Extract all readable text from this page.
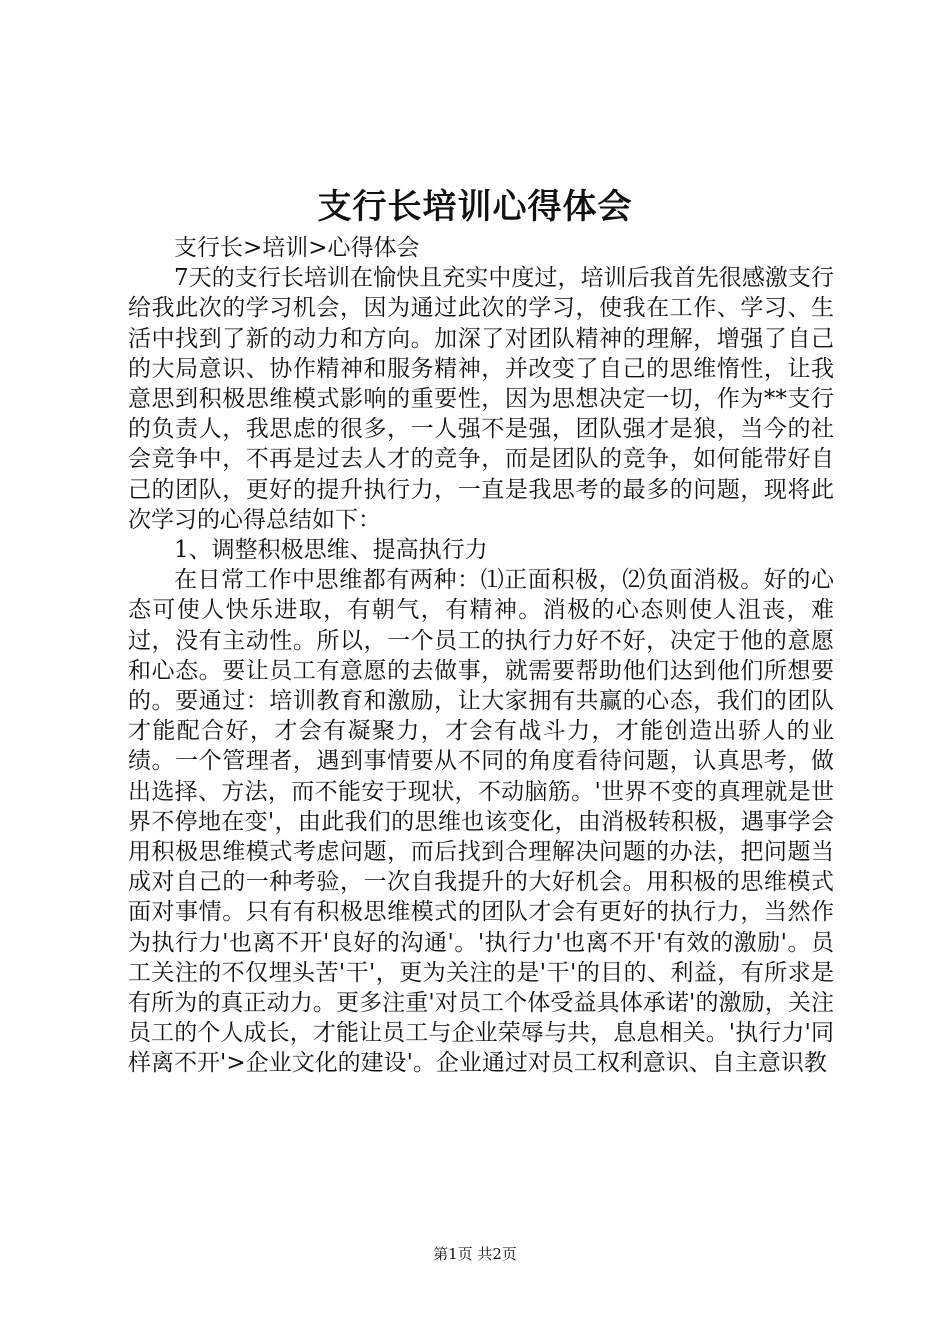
支行长培训心得体会

支行长>培训>心得体会

7天的支行长培训在愉快且充实中度过，培训后我首先很感激支行给我此次的学习机会，因为通过此次的学习，使我在工作、学习、生活中找到了新的动力和方向。加深了对团队精神的理解，增强了自己的大局意识、协作精神和服务精神，并改变了自己的思维惰性，让我意思到积极思维模式影响的重要性，因为思想决定一切，作为**支行的负责人，我思虑的很多，一人强不是强，团队强才是狼，当今的社会竞争中，不再是过去人才的竞争，而是团队的竞争，如何能带好自己的团队，更好的提升执行力，一直是我思考的最多的问题，现将此次学习的心得总结如下：

1、调整积极思维、提高执行力

在日常工作中思维都有两种：⑴正面积极，⑵负面消极。好的心态可使人快乐进取，有朝气，有精神。消极的心态则使人沮丧，难过，没有主动性。所以，一个员工的执行力好不好，决定于他的意愿和心态。要让员工有意愿的去做事，就需要帮助他们达到他们所想要的。要通过：培训教育和激励，让大家拥有共赢的心态，我们的团队才能配合好，才会有凝聚力，才会有战斗力，才能创造出骄人的业绩。一个管理者，遇到事情要从不同的角度看待问题，认真思考，做出选择、方法，而不能安于现状，不动脑筋。'世界不变的真理就是世界不停地在变'，由此我们的思维也该变化，由消极转积极，遇事学会用积极思维模式考虑问题，而后找到合理解决问题的办法，把问题当成对自己的一种考验，一次自我提升的大好机会。用积极的思维模式面对事情。只有有积极思维模式的团队才会有更好的执行力，当然作为执行力'也离不开'良好的沟通'。'执行力'也离不开'有效的激励'。员工关注的不仅埋头苦'干'，更为关注的是'干'的目的、利益，有所求是有所为的真正动力。更多注重'对员工个体受益具体承诺'的激励，关注员工的个人成长，才能让员工与企业荣辱与共，息息相关。'执行力'同样离不开'>企业文化的建设'。企业通过对员工权利意识、自主意识教

第1页 共2页
